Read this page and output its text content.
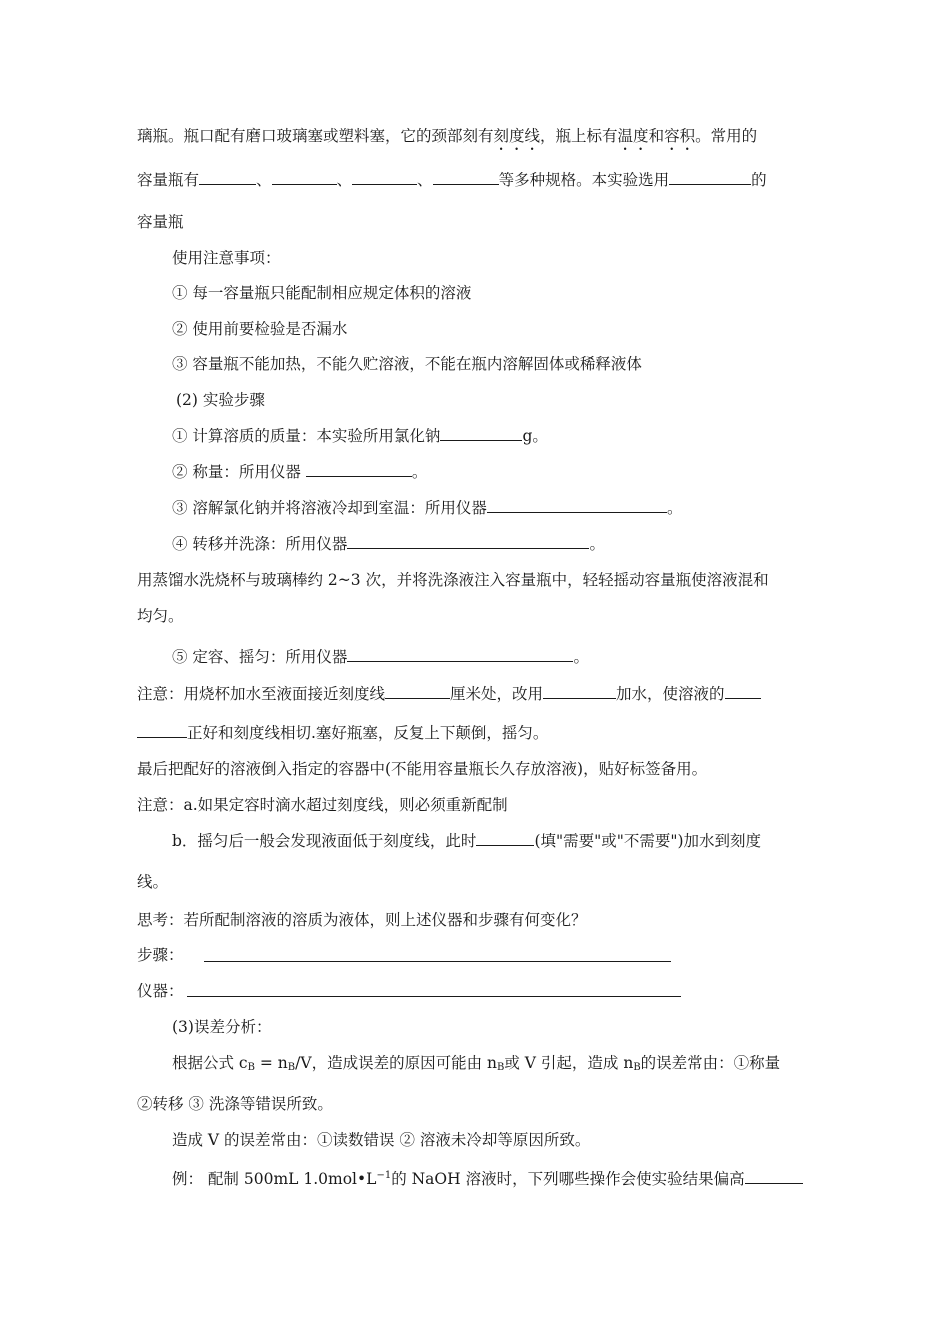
璃瓶。瓶口配有磨口玻璃塞或塑料塞，它的颈部刻有刻度线，瓶上标有温度和容积。常用的
容量瓶有	、	、	、	等多种规格。本实验选用	的
容量瓶
使用注意事项：
① 每一容量瓶只能配制相应规定体积的溶液
② 使用前要检验是否漏水
③ 容量瓶不能加热，不能久贮溶液，不能在瓶内溶解固体或稀释液体
(2) 实验步骤
① 计算溶质的质量：本实验所用氯化钠	g。
② 称量：所用仪器	。
③ 溶解氯化钠并将溶液冷却到室温：所用仪器	。
④ 转移并洗涤：所用仪器	。
用蒸馏水洗烧杯与玻璃棒约 2~3 次，并将洗涤液注入容量瓶中，轻轻摇动容量瓶使溶液混和
均匀。
⑤ 定容、摇匀：所用仪器	。
注意：用烧杯加水至液面接近刻度线	厘米处，改用	加水，使溶液的
正好和刻度线相切.塞好瓶塞，反复上下颠倒，摇匀。
最后把配好的溶液倒入指定的容器中(不能用容量瓶长久存放溶液)，贴好标签备用。
注意：a.如果定容时滴水超过刻度线，则必须重新配制
b．摇匀后一般会发现液面低于刻度线，此时	(填"需要"或"不需要")加水到刻度
线。
思考：若所配制溶液的溶质为液体，则上述仪器和步骤有何变化？
步骤：
仪器：
(3)误差分析：
根据公式 $c_B = n_B/V$，造成误差的原因可能由 $n_B$或 V 引起，造成 $n_B$的误差常由：①称量
②转移 ③ 洗涤等错误所致。
造成 V 的误差常由：①读数错误 ② 溶液未冷却等原因所致。
例： 配制 500mL $1.0mol•L^{-1}$的 NaOH 溶液时，下列哪些操作会使实验结果偏高
